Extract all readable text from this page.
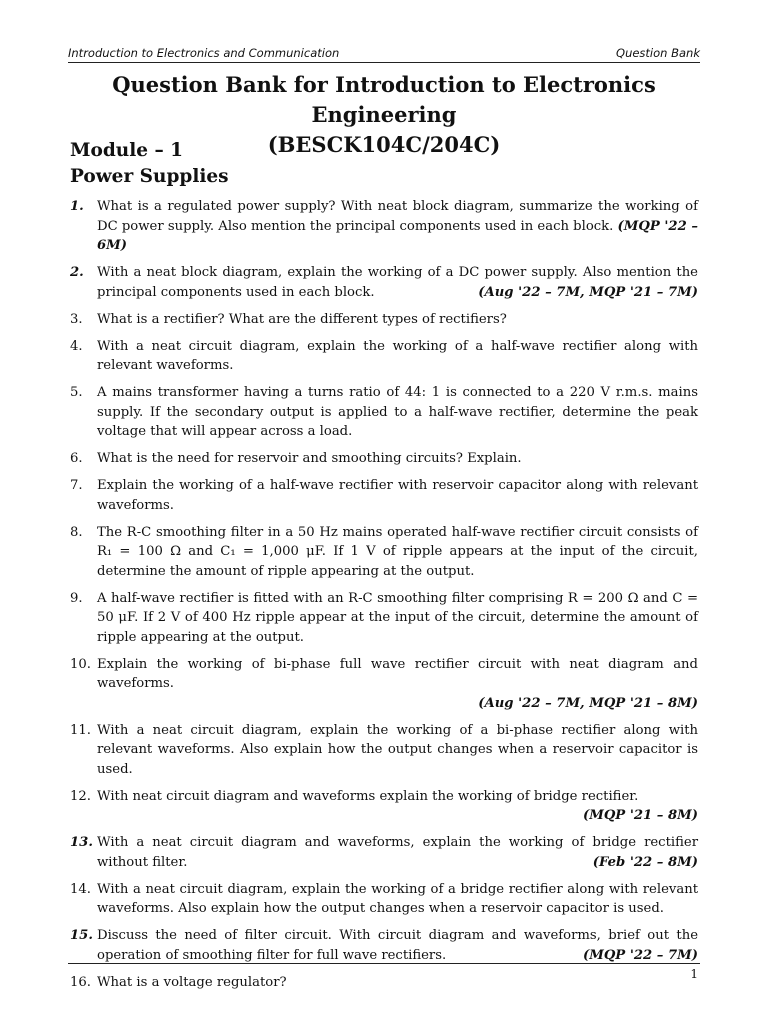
Introduction to Electronics and Communication	Question Bank
Question Bank for Introduction to Electronics Engineering
(BESCK104C/204C)
Module – 1
Power Supplies
1. What is a regulated power supply? With neat block diagram, summarize the working of DC power supply. Also mention the principal components used in each block. (MQP '22 – 6M)
2. With a neat block diagram, explain the working of a DC power supply. Also mention the principal components used in each block.	(Aug '22 – 7M, MQP '21 – 7M)
3. What is a rectifier? What are the different types of rectifiers?
4. With a neat circuit diagram, explain the working of a half-wave rectifier along with relevant waveforms.
5. A mains transformer having a turns ratio of 44: 1 is connected to a 220 V r.m.s. mains supply. If the secondary output is applied to a half-wave rectifier, determine the peak voltage that will appear across a load.
6. What is the need for reservoir and smoothing circuits? Explain.
7. Explain the working of a half-wave rectifier with reservoir capacitor along with relevant waveforms.
8. The R-C smoothing filter in a 50 Hz mains operated half-wave rectifier circuit consists of R₁ = 100 Ω and C₁ = 1,000 μF. If 1 V of ripple appears at the input of the circuit, determine the amount of ripple appearing at the output.
9. A half-wave rectifier is fitted with an R-C smoothing filter comprising R = 200 Ω and C = 50 μF. If 2 V of 400 Hz ripple appear at the input of the circuit, determine the amount of ripple appearing at the output.
10. Explain the working of bi-phase full wave rectifier circuit with neat diagram and waveforms.
(Aug '22 – 7M, MQP '21 – 8M)
11. With a neat circuit diagram, explain the working of a bi-phase rectifier along with relevant waveforms. Also explain how the output changes when a reservoir capacitor is used.
12. With neat circuit diagram and waveforms explain the working of bridge rectifier.
(MQP '21 – 8M)
13. With a neat circuit diagram and waveforms, explain the working of bridge rectifier without filter.	(Feb '22 – 8M)
14. With a neat circuit diagram, explain the working of a bridge rectifier along with relevant waveforms. Also explain how the output changes when a reservoir capacitor is used.
15. Discuss the need of filter circuit. With circuit diagram and waveforms, brief out the operation of smoothing filter for full wave rectifiers.	(MQP '22 – 7M)
16. What is a voltage regulator?
1
